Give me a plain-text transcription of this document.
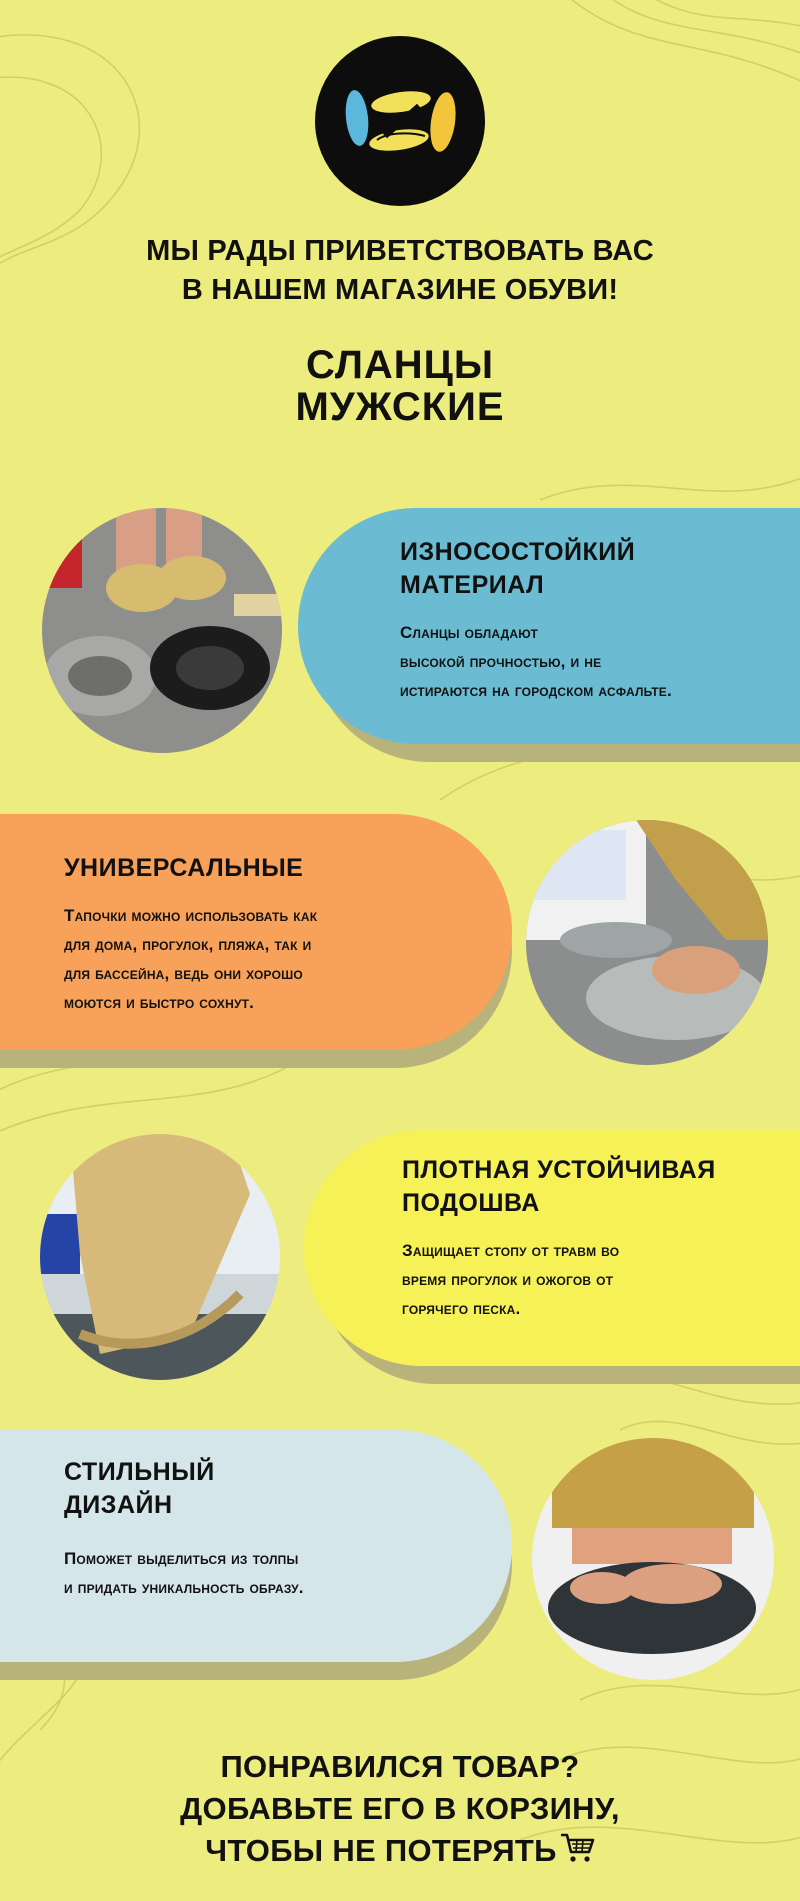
МЫ РАДЫ ПРИВЕТСТВОВАТЬ ВАС
В НАШЕМ МАГАЗИНЕ ОБУВИ!
СЛАНЦЫ
МУЖСКИЕ
ИЗНОСОСТОЙКИЙ
МАТЕРИАЛ
Сланцы обладают
высокой прочностью, и не
истираются на городском асфальте.
УНИВЕРСАЛЬНЫЕ
Тапочки можно использовать как
для дома, прогулок, пляжа, так и
для бассейна, ведь они хорошо
моются и быстро сохнут.
ПЛОТНАЯ УСТОЙЧИВАЯ
ПОДОШВА
Защищает стопу от травм во
время прогулок и ожогов от
горячего песка.
СТИЛЬНЫЙ
ДИЗАЙН
Поможет выделиться из толпы
и придать уникальность образу.
ПОНРАВИЛСЯ ТОВАР?
ДОБАВЬТЕ ЕГО В КОРЗИНУ,
ЧТОБЫ НЕ ПОТЕРЯТЬ
